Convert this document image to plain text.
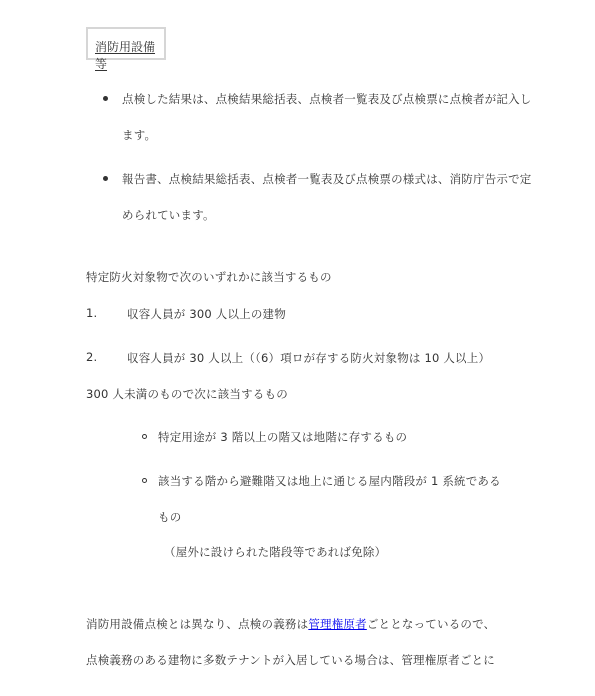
消防用設備等
点検した結果は、点検結果総括表、点検者一覧表及び点検票に点検者が記入し
ます。
報告書、点検結果総括表、点検者一覧表及び点検票の様式は、消防庁告示で定
められています。
特定防火対象物で次のいずれかに該当するもの
1.	収容人員が 300 人以上の建物
2.	収容人員が 30 人以上（（6）項ロが存する防火対象物は 10 人以上）
300 人未満のもので次に該当するもの
特定用途が 3 階以上の階又は地階に存するもの
該当する階から避難階又は地上に通じる屋内階段が 1 系統である
もの
（屋外に設けられた階段等であれば免除）
消防用設備点検とは異なり、点検の義務は管理権原者ごととなっているので、
点検義務のある建物に多数テナントが入居している場合は、管理権原者ごとに
